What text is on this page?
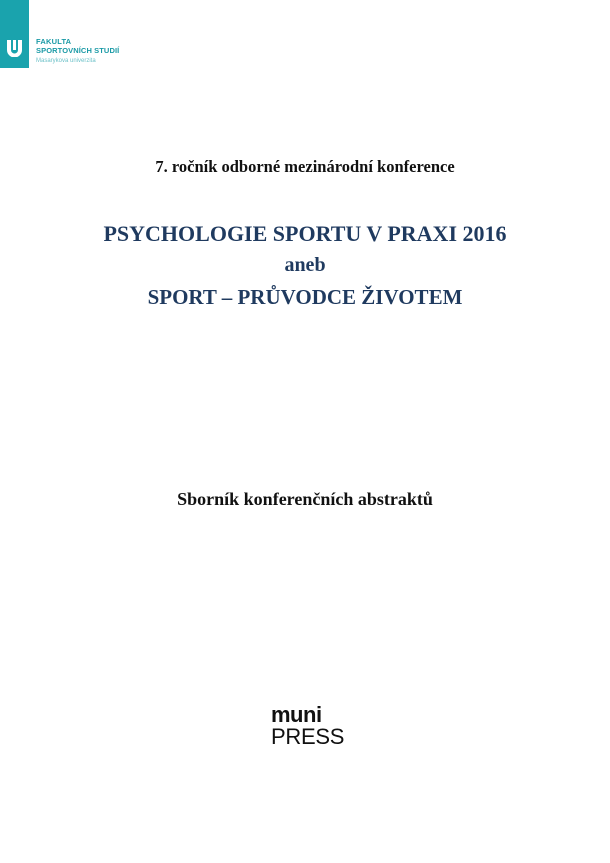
FAKULTA
SPORTOVNÍCH STUDIÍ
Masarykova univerzita
7. ročník odborné mezinárodní konference
PSYCHOLOGIE SPORTU V PRAXI 2016
aneb
SPORT – PRŮVODCE ŽIVOTEM
Sborník konferenčních abstraktů
muni
PRESS
